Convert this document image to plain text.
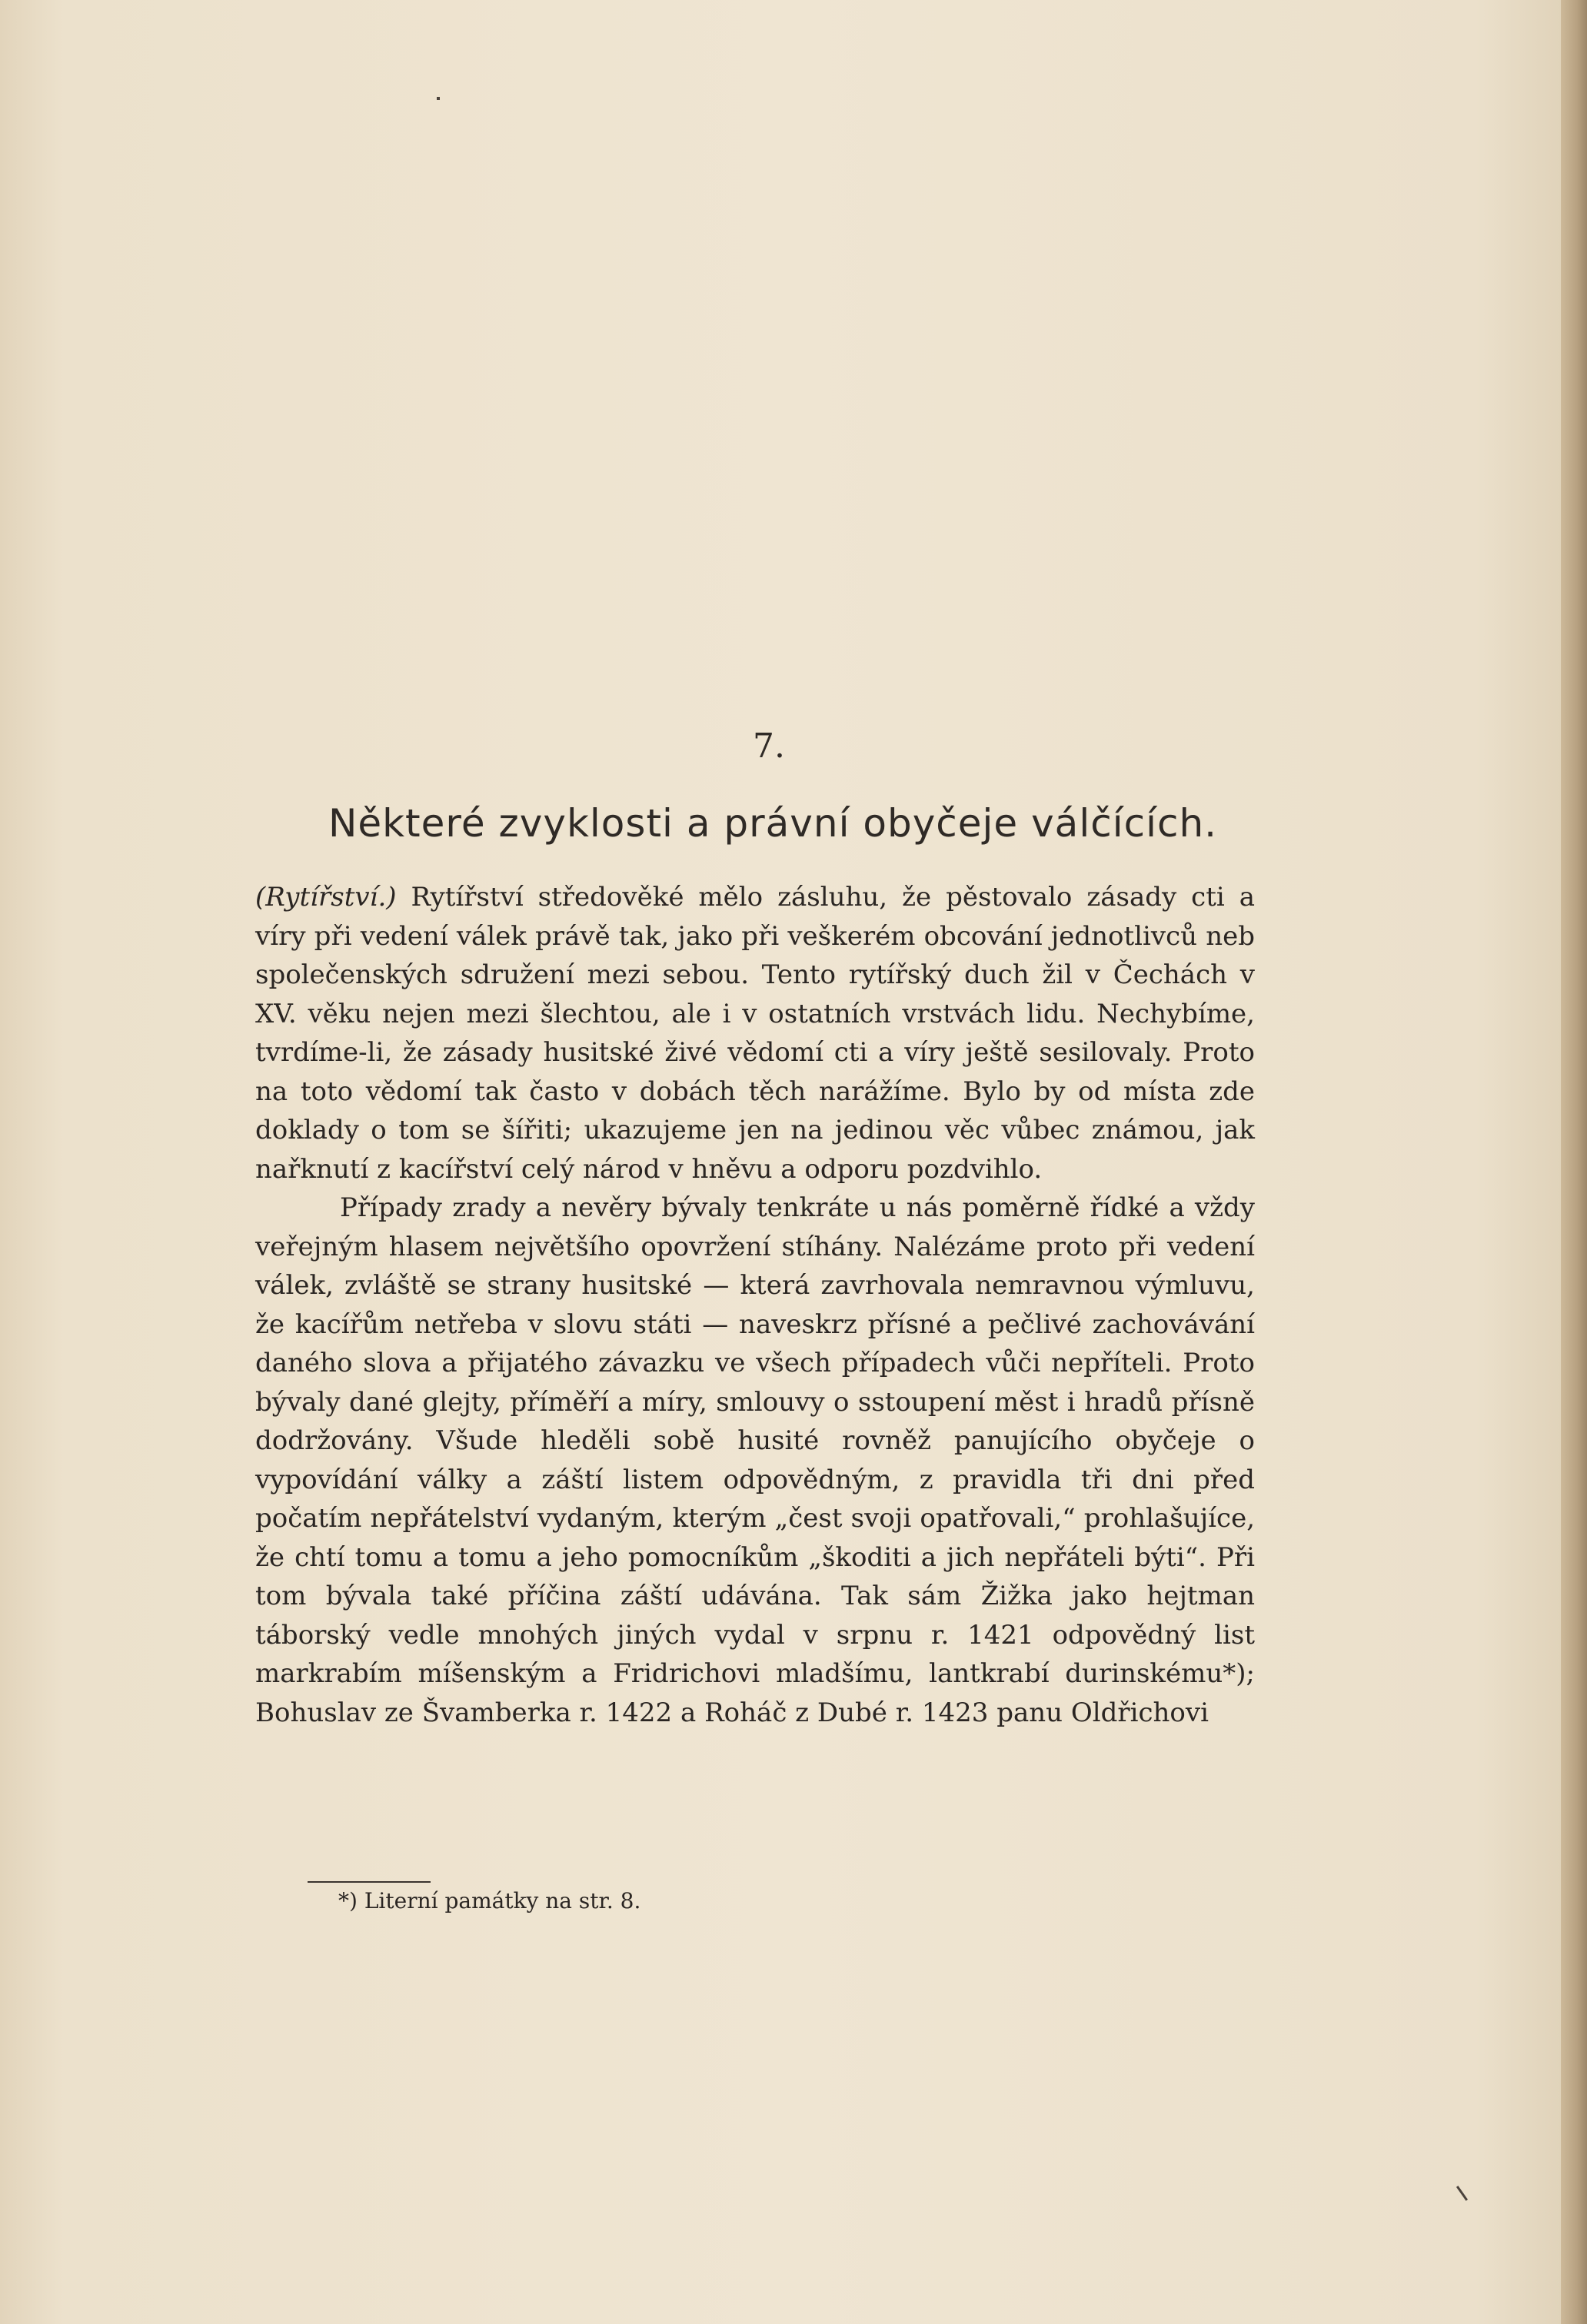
7.
Některé zvyklosti a právní obyčeje válčících.

(Rytířství.) Rytířství středověké mělo zásluhu, že pěstovalo zásady cti a víry při vedení válek právě tak, jako při veškerém obcování jednotlivců neb společenských sdružení mezi sebou. Tento rytířský duch žil v Čechách v XV. věku nejen mezi šlechtou, ale i v ostatních vrstvách lidu. Nechybíme, tvrdíme-li, že zásady husitské živé vědomí cti a víry ještě sesilovaly. Proto na toto vědomí tak často v dobách těch narážíme. Bylo by od místa zde doklady o tom se šířiti; ukazujeme jen na jedinou věc vůbec známou, jak nařknutí z kacířství celý národ v hněvu a odporu pozdvihlo.

Případy zrady a nevěry bývaly tenkráte u nás poměrně řídké a vždy veřejným hlasem největšího opovržení stíhány. Nalézáme proto při vedení válek, zvláště se strany husitské — která zavrhovala nemravnou výmluvu, že kacířům netřeba v slovu státi — naveskrz přísné a pečlivé zachovávání daného slova a přijatého závazku ve všech případech vůči nepříteli. Proto bývaly dané glejty, příměří a míry, smlouvy o sstoupení měst i hradů přísně dodržovány. Všude hleděli sobě husité rovněž panujícího obyčeje o vypovídání války a záští listem odpovědným, z pravidla tři dni před počatím nepřátelství vydaným, kterým „čest svoji opatřovali,“ prohlašujíce, že chtí tomu a tomu a jeho pomocníkům „škoditi a jich nepřáteli býti“. Při tom bývala také příčina záští udávána. Tak sám Žižka jako hejtman táborský vedle mnohých jiných vydal v srpnu r. 1421 odpovědný list markrabím míšenským a Fridrichovi mladšímu, lantkrabí durinskému*); Bohuslav ze Švamberka r. 1422 a Roháč z Dubé r. 1423 panu Oldřichovi

*) Literní památky na str. 8.
